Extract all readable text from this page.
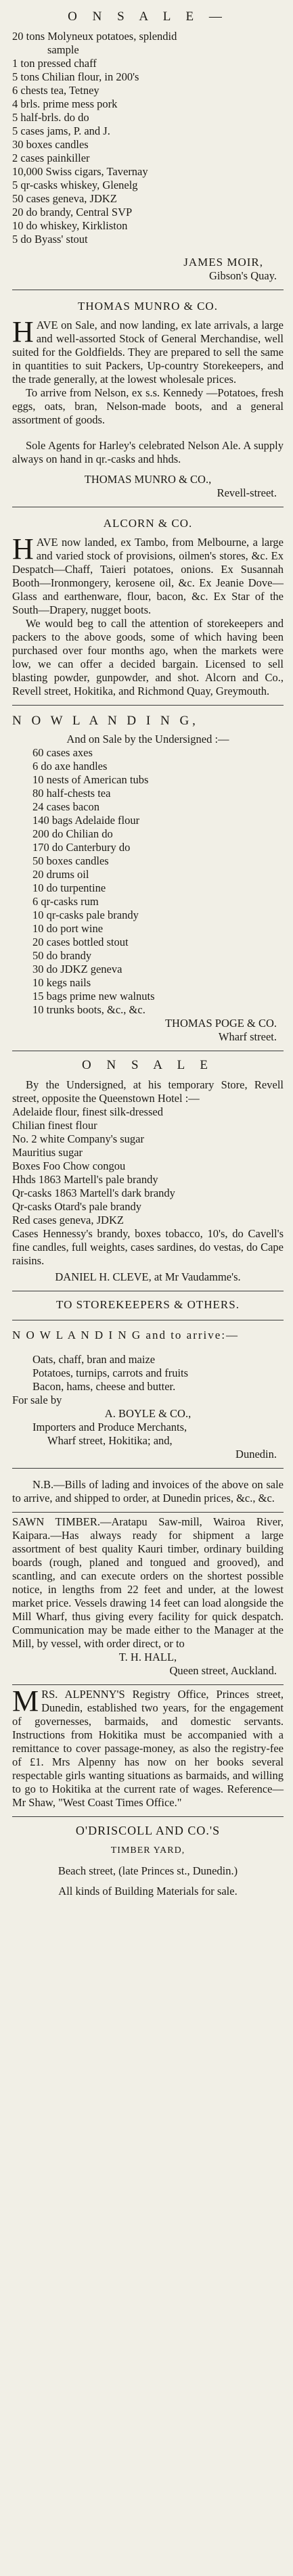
O N S A L E —
20 tons Molyneux potatoes, splendid
sample
1 ton pressed chaff
5 tons Chilian flour, in 200's
6 chests tea, Tetney
4 brls. prime mess pork
5 half-brls. do do
5 cases jams, P. and J.
30 boxes candles
2 cases painkiller
10,000 Swiss cigars, Tavernay
5 qr-casks whiskey, Glenelg
50 cases geneva, JDKZ
20 do brandy, Central SVP
10 do whiskey, Kirkliston
5 do Byass' stout
JAMES MOIR,
Gibson's Quay.
THOMAS MUNRO & CO.

HAVE on Sale, and now landing, ex late arrivals, a large and well-assorted Stock of General Merchandise, well suited for the Goldfields. They are prepared to sell the same in quantities to suit Packers, Up-country Storekeepers, and the trade generally, at the lowest wholesale prices.

To arrive from Nelson, ex s.s. Kennedy —Potatoes, fresh eggs, oats, bran, Nelson-made boots, and a general assortment of goods.

Sole Agents for Harley's celebrated Nelson Ale. A supply always on hand in qr.-casks and hhds.

THOMAS MUNRO & CO.,
Revell-street.
ALCORN & CO.

HAVE now landed, ex Tambo, from Melbourne, a large and varied stock of provisions, oilmen's stores, &c. Ex Despatch—Chaff, Taieri potatoes, onions. Ex Susannah Booth—Ironmongery, kerosene oil, &c. Ex Jeanie Dove—Glass and earthenware, flour, bacon, &c. Ex Star of the South—Drapery, nugget boots.

We would beg to call the attention of storekeepers and packers to the above goods, some of which having been purchased over four months ago, when the markets were low, we can offer a decided bargain. Licensed to sell blasting powder, gunpowder, and shot. Alcorn and Co., Revell street, Hokitika, and Richmond Quay, Greymouth.

N O W L A N D I N G,
And on Sale by the Undersigned :—
60 cases axes
6 do axe handles
10 nests of American tubs
80 half-chests tea
24 cases bacon
140 bags Adelaide flour
200 do Chilian do
170 do Canterbury do
50 boxes candles
20 drums oil
10 do turpentine
6 qr-casks rum
10 qr-casks pale brandy
10 do port wine
20 cases bottled stout
50 do brandy
30 do JDKZ geneva
10 kegs nails
15 bags prime new walnuts
10 trunks boots, &c., &c.
THOMAS POGE & CO.
Wharf street.
O N S A L E

By the Undersigned, at his temporary Store, Revell street, opposite the Queenstown Hotel :—

Adelaide flour, finest silk-dressed
Chilian finest flour
No. 2 white Company's sugar
Mauritius sugar
Boxes Foo Chow congou
Hhds 1863 Martell's pale brandy
Qr-casks 1863 Martell's dark brandy
Qr-casks Otard's pale brandy
Red cases geneva, JDKZ

Cases Hennessy's brandy, boxes tobacco, 10's, do Cavell's fine candles, full weights, cases sardines, do vestas, do Cape raisins.

DANIEL H. CLEVE, at Mr Vaudamme's.
TO STOREKEEPERS & OTHERS.
N O W L A N D I N G and to arrive:—
Oats, chaff, bran and maize
Potatoes, turnips, carrots and fruits
Bacon, hams, cheese and butter.
For sale by
A. BOYLE & CO.,
Importers and Produce Merchants,
Wharf street, Hokitika; and,
Dunedin.

N.B.—Bills of lading and invoices of the above on sale to arrive, and shipped to order, at Dunedin prices, &c., &c.

SAWN TIMBER.—Aratapu Saw-mill, Wairoa River, Kaipara.—Has always ready for shipment a large assortment of best quality Kauri timber, ordinary building boards (rough, planed and tongued and grooved), and scantling, and can execute orders on the shortest possible notice, in lengths from 22 feet and under, at the lowest market price. Vessels drawing 14 feet can load alongside the Mill Wharf, thus giving every facility for quick despatch. Communication may be made either to the Manager at the Mill, by vessel, with order direct, or to

T. H. HALL,
Queen street, Auckland.

MRS. ALPENNY'S Registry Office, Princes street, Dunedin, established two years, for the engagement of governesses, barmaids, and domestic servants. Instructions from Hokitika must be accompanied with a remittance to cover passage-money, as also the registry-fee of £1. Mrs Alpenny has now on her books several respectable girls wanting situations as barmaids, and willing to go to Hokitika at the current rate of wages. Reference—Mr Shaw, "West Coast Times Office."

O'DRISCOLL AND CO.'S
TIMBER YARD,
Beach street, (late Princes st., Dunedin.)
All kinds of Building Materials for sale.
